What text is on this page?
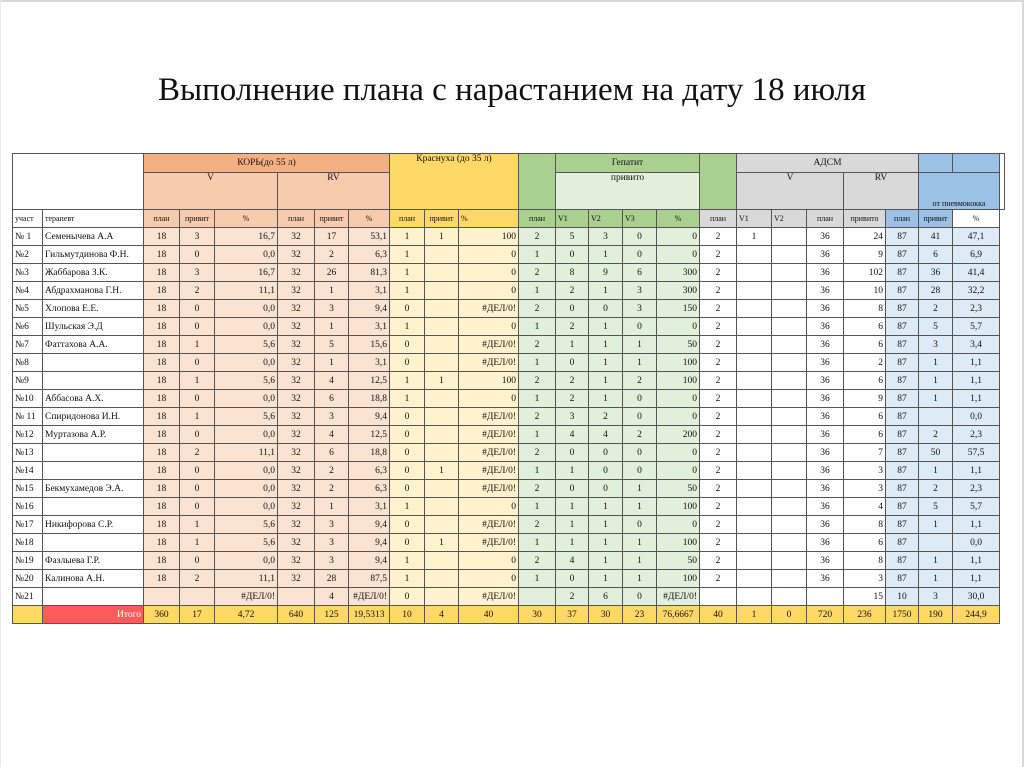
Выполнение плана с нарастанием на дату 18 июля
		КОРЬ(до 55 л)						Краснуха (до 35 л)				Гепатит					АДСМ							
		V			RV							привито					V			RV		от пневмококка		
участ	терапевт	план	привит	%	план	привит	%	план	привит	%	план	V1	V2	V3	%	план	V1	V2	план	привито	план	привит	%	
№ 1	Семенычева А.А	18	3	16,7	32	17	53,1	1	1	100	2	5	3	0	0	2	1		36	24	87	41	47,1	
№2	Гильмутдинова Ф.Н.	18	0	0,0	32	2	6,3	1		0	1	0	1	0	0	2			36	9	87	6	6,9	
№3	Жаббарова З.К.	18	3	16,7	32	26	81,3	1		0	2	8	9	6	300	2			36	102	87	36	41,4	
№4	Абдрахманова Г.Н.	18	2	11,1	32	1	3,1	1		0	1	2	1	3	300	2			36	10	87	28	32,2	
№5	Хлопова Е.Е.	18	0	0,0	32	3	9,4	0		#ДЕЛ/0!	2	0	0	3	150	2			36	8	87	2	2,3	
№6	Шульская Э.Д	18	0	0,0	32	1	3,1	1		0	1	2	1	0	0	2			36	6	87	5	5,7	
№7	Фаттахова А.А.	18	1	5,6	32	5	15,6	0		#ДЕЛ/0!	2	1	1	1	50	2			36	6	87	3	3,4	
№8		18	0	0,0	32	1	3,1	0		#ДЕЛ/0!	1	0	1	1	100	2			36	2	87	1	1,1	
№9		18	1	5,6	32	4	12,5	1	1	100	2	2	1	2	100	2			36	6	87	1	1,1	
№10	Аббасова А.Х.	18	0	0,0	32	6	18,8	1		0	1	2	1	0	0	2			36	9	87	1	1,1	
№ 11	Спиридонова И.Н.	18	1	5,6	32	3	9,4	0		#ДЕЛ/0!	2	3	2	0	0	2			36	6	87		0,0	
№12	Муртазова А.Р.	18	0	0,0	32	4	12,5	0		#ДЕЛ/0!	1	4	4	2	200	2			36	6	87	2	2,3	
№13		18	2	11,1	32	6	18,8	0		#ДЕЛ/0!	2	0	0	0	0	2			36	7	87	50	57,5	
№14		18	0	0,0	32	2	6,3	0	1	#ДЕЛ/0!	1	1	0	0	0	2			36	3	87	1	1,1	
№15	Бекмухамедов Э.А.	18	0	0,0	32	2	6,3	0		#ДЕЛ/0!	2	0	0	1	50	2			36	3	87	2	2,3	
№16		18	0	0,0	32	1	3,1	1		0	1	1	1	1	100	2			36	4	87	5	5,7	
№17	Никифорова С.Р.	18	1	5,6	32	3	9,4	0		#ДЕЛ/0!	2	1	1	0	0	2			36	8	87	1	1,1	
№18		18	1	5,6	32	3	9,4	0	1	#ДЕЛ/0!	1	1	1	1	100	2			36	6	87		0,0	
№19	Фазлыева Г.Р.	18	0	0,0	32	3	9,4	1		0	2	4	1	1	50	2			36	8	87	1	1,1	
№20	Калинова А.Н.	18	2	11,1	32	28	87,5	1		0	1	0	1	1	100	2			36	3	87	1	1,1	
№21				#ДЕЛ/0!		4	#ДЕЛ/0!	0		#ДЕЛ/0!		2	6	0	#ДЕЛ/0!					15	10	3	30,0	
	Итого	360	17	4,72	640	125	19,5313	10	4	40	30	37	30	23	76,6667	40	1	0	720	236	1750	190	244,9	
